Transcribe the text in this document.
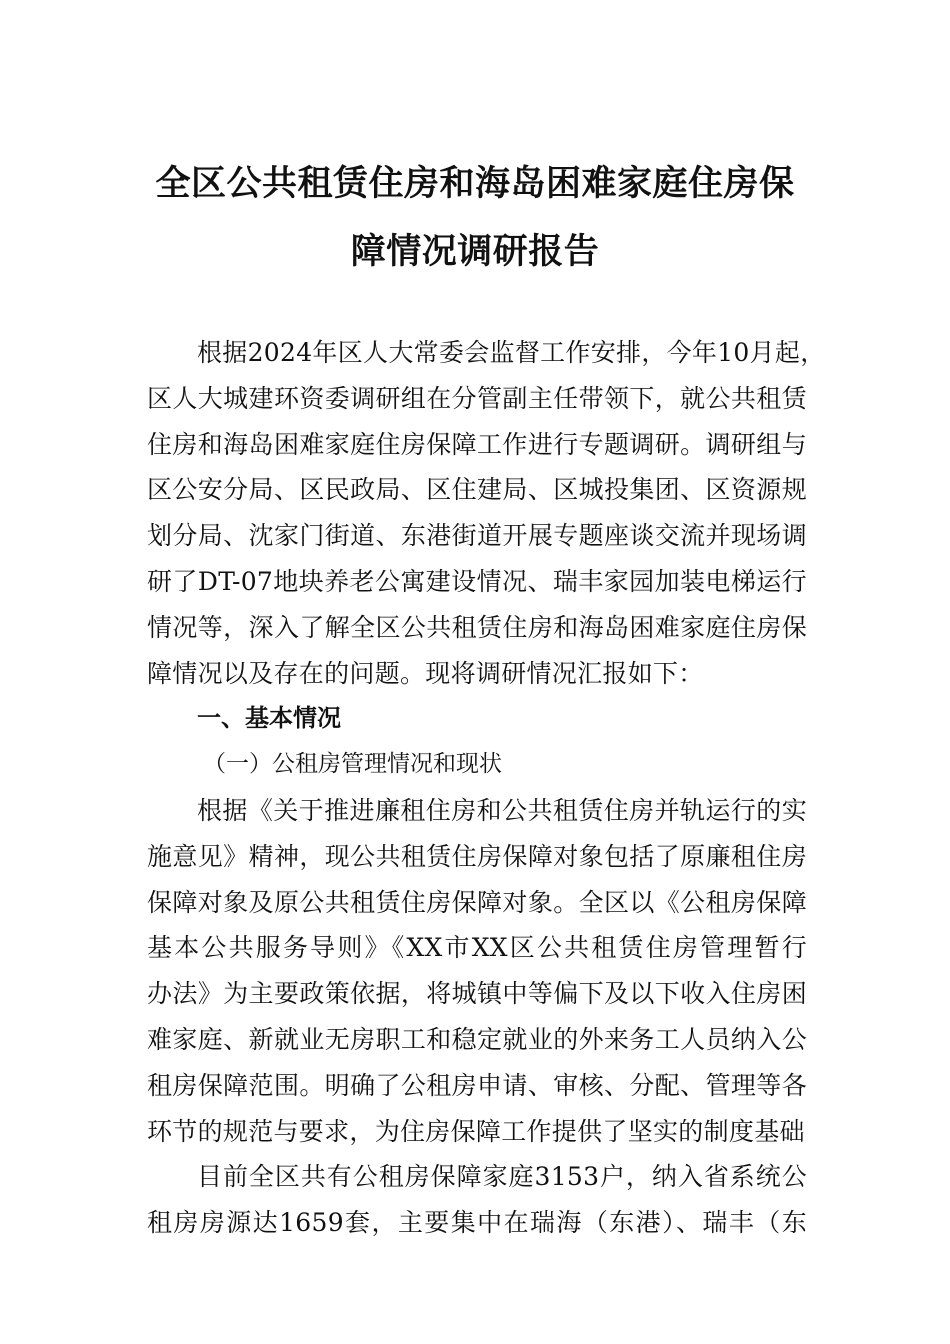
全区公共租赁住房和海岛困难家庭住房保
障情况调研报告
根据2024年区人大常委会监督工作安排，今年10月起，
区人大城建环资委调研组在分管副主任带领下，就公共租赁
住房和海岛困难家庭住房保障工作进行专题调研。调研组与
区公安分局、区民政局、区住建局、区城投集团、区资源规
划分局、沈家门街道、东港街道开展专题座谈交流并现场调
研了DT-07地块养老公寓建设情况、瑞丰家园加装电梯运行
情况等，深入了解全区公共租赁住房和海岛困难家庭住房保
障情况以及存在的问题。现将调研情况汇报如下：
一、基本情况
（一）公租房管理情况和现状
根据《关于推进廉租住房和公共租赁住房并轨运行的实
施意见》精神，现公共租赁住房保障对象包括了原廉租住房
保障对象及原公共租赁住房保障对象。全区以《公租房保障
基本公共服务导则》《XX市XX区公共租赁住房管理暂行
办法》为主要政策依据，将城镇中等偏下及以下收入住房困
难家庭、新就业无房职工和稳定就业的外来务工人员纳入公
租房保障范围。明确了公租房申请、审核、分配、管理等各
环节的规范与要求，为住房保障工作提供了坚实的制度基础
目前全区共有公租房保障家庭3153户，纳入省系统公
租房房源达1659套，主要集中在瑞海（东港）、瑞丰（东
